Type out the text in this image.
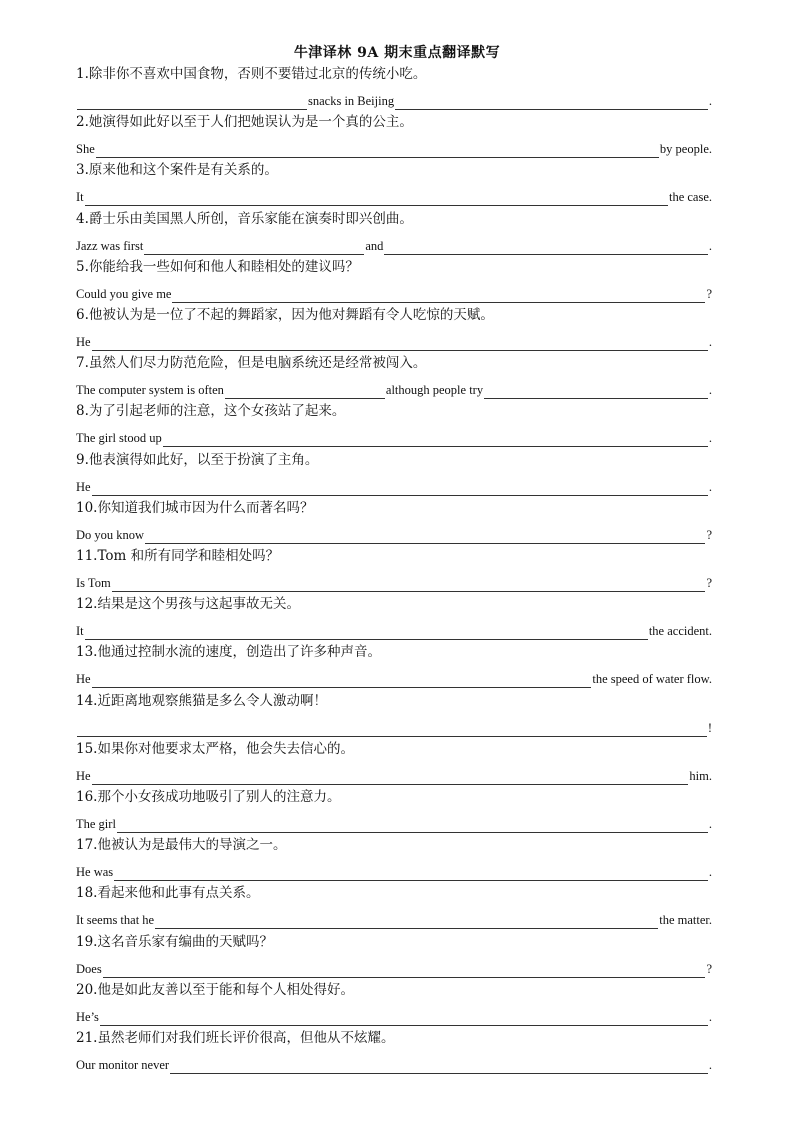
牛津译林 9A 期末重点翻译默写
1.除非你不喜欢中国食物，否则不要错过北京的传统小吃。
snacks in Beijing	.
2.她演得如此好以至于人们把她误认为是一个真的公主。
She	by people.
3.原来他和这个案件是有关系的。
It	the case.
4.爵士乐由美国黑人所创，音乐家能在演奏时即兴创曲。
Jazz was first	and	.
5.你能给我一些如何和他人和睦相处的建议吗？
Could you give me	?
6.他被认为是一位了不起的舞蹈家，因为他对舞蹈有令人吃惊的天赋。
He	.
7.虽然人们尽力防范危险，但是电脑系统还是经常被闯入。
The computer system is often	although people try	.
8.为了引起老师的注意，这个女孩站了起来。
The girl stood up	.
9.他表演得如此好，以至于扮演了主角。
He	.
10.你知道我们城市因为什么而著名吗？
Do you know	?
11.Tom 和所有同学和睦相处吗？
Is Tom	?
12.结果是这个男孩与这起事故无关。
It	the accident.
13.他通过控制水流的速度，创造出了许多种声音。
He	the speed of water flow.
14.近距离地观察熊猫是多么令人激动啊！
!
15.如果你对他要求太严格，他会失去信心的。
He	him.
16.那个小女孩成功地吸引了别人的注意力。
The girl	.
17.他被认为是最伟大的导演之一。
He was	.
18.看起来他和此事有点关系。
It seems that he	the matter.
19.这名音乐家有编曲的天赋吗？
Does	?
20.他是如此友善以至于能和每个人相处得好。
He’s	.
21.虽然老师们对我们班长评价很高，但他从不炫耀。
Our monitor never	.
